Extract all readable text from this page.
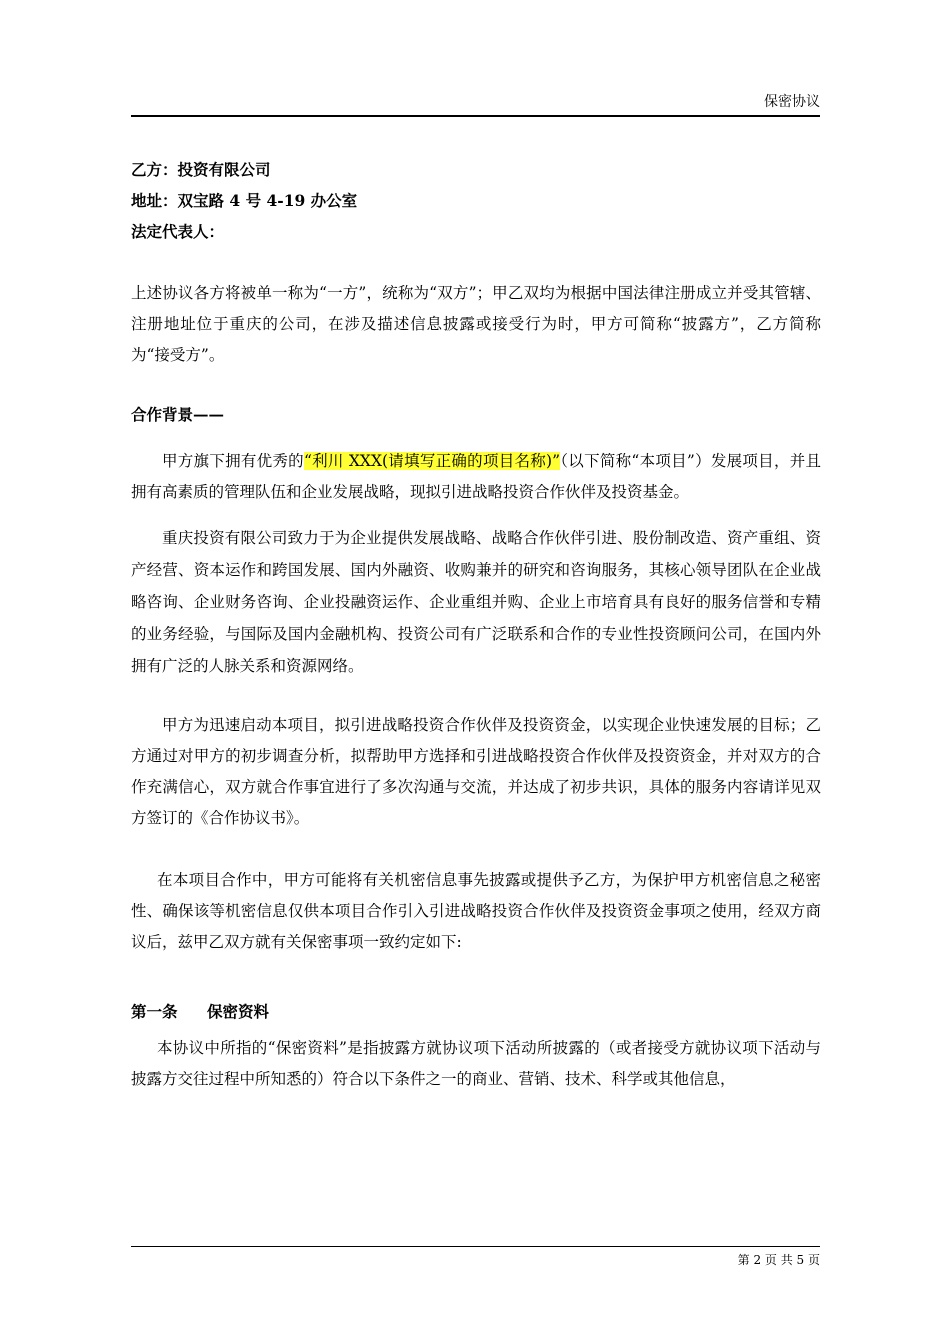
保密协议

乙方：投资有限公司

地址：双宝路 4 号 4-19 办公室

法定代表人：

上述协议各方将被单一称为“一方”，统称为“双方”；甲乙双均为根据中国法律注册成立并受其管辖、注册地址位于重庆的公司，在涉及描述信息披露或接受行为时，甲方可简称“披露方”，乙方简称为“接受方”。

合作背景——

甲方旗下拥有优秀的“利川 XXX(请填写正确的项目名称)”（以下简称“本项目”）发展项目，并且拥有高素质的管理队伍和企业发展战略，现拟引进战略投资合作伙伴及投资基金。

重庆投资有限公司致力于为企业提供发展战略、战略合作伙伴引进、股份制改造、资产重组、资产经营、资本运作和跨国发展、国内外融资、收购兼并的研究和咨询服务，其核心领导团队在企业战略咨询、企业财务咨询、企业投融资运作、企业重组并购、企业上市培育具有良好的服务信誉和专精的业务经验，与国际及国内金融机构、投资公司有广泛联系和合作的专业性投资顾问公司，在国内外拥有广泛的人脉关系和资源网络。

甲方为迅速启动本项目，拟引进战略投资合作伙伴及投资资金，以实现企业快速发展的目标；乙方通过对甲方的初步调查分析，拟帮助甲方选择和引进战略投资合作伙伴及投资资金，并对双方的合作充满信心，双方就合作事宜进行了多次沟通与交流，并达成了初步共识，具体的服务内容请详见双方签订的《合作协议书》。

在本项目合作中，甲方可能将有关机密信息事先披露或提供予乙方，为保护甲方机密信息之秘密性、确保该等机密信息仅供本项目合作引入引进战略投资合作伙伴及投资资金事项之使用，经双方商议后，兹甲乙双方就有关保密事项一致约定如下:

第一条 保密资料

本协议中所指的“保密资料”是指披露方就协议项下活动所披露的（或者接受方就协议项下活动与披露方交往过程中所知悉的）符合以下条件之一的商业、营销、技术、科学或其他信息，

第 2 页 共 5 页
